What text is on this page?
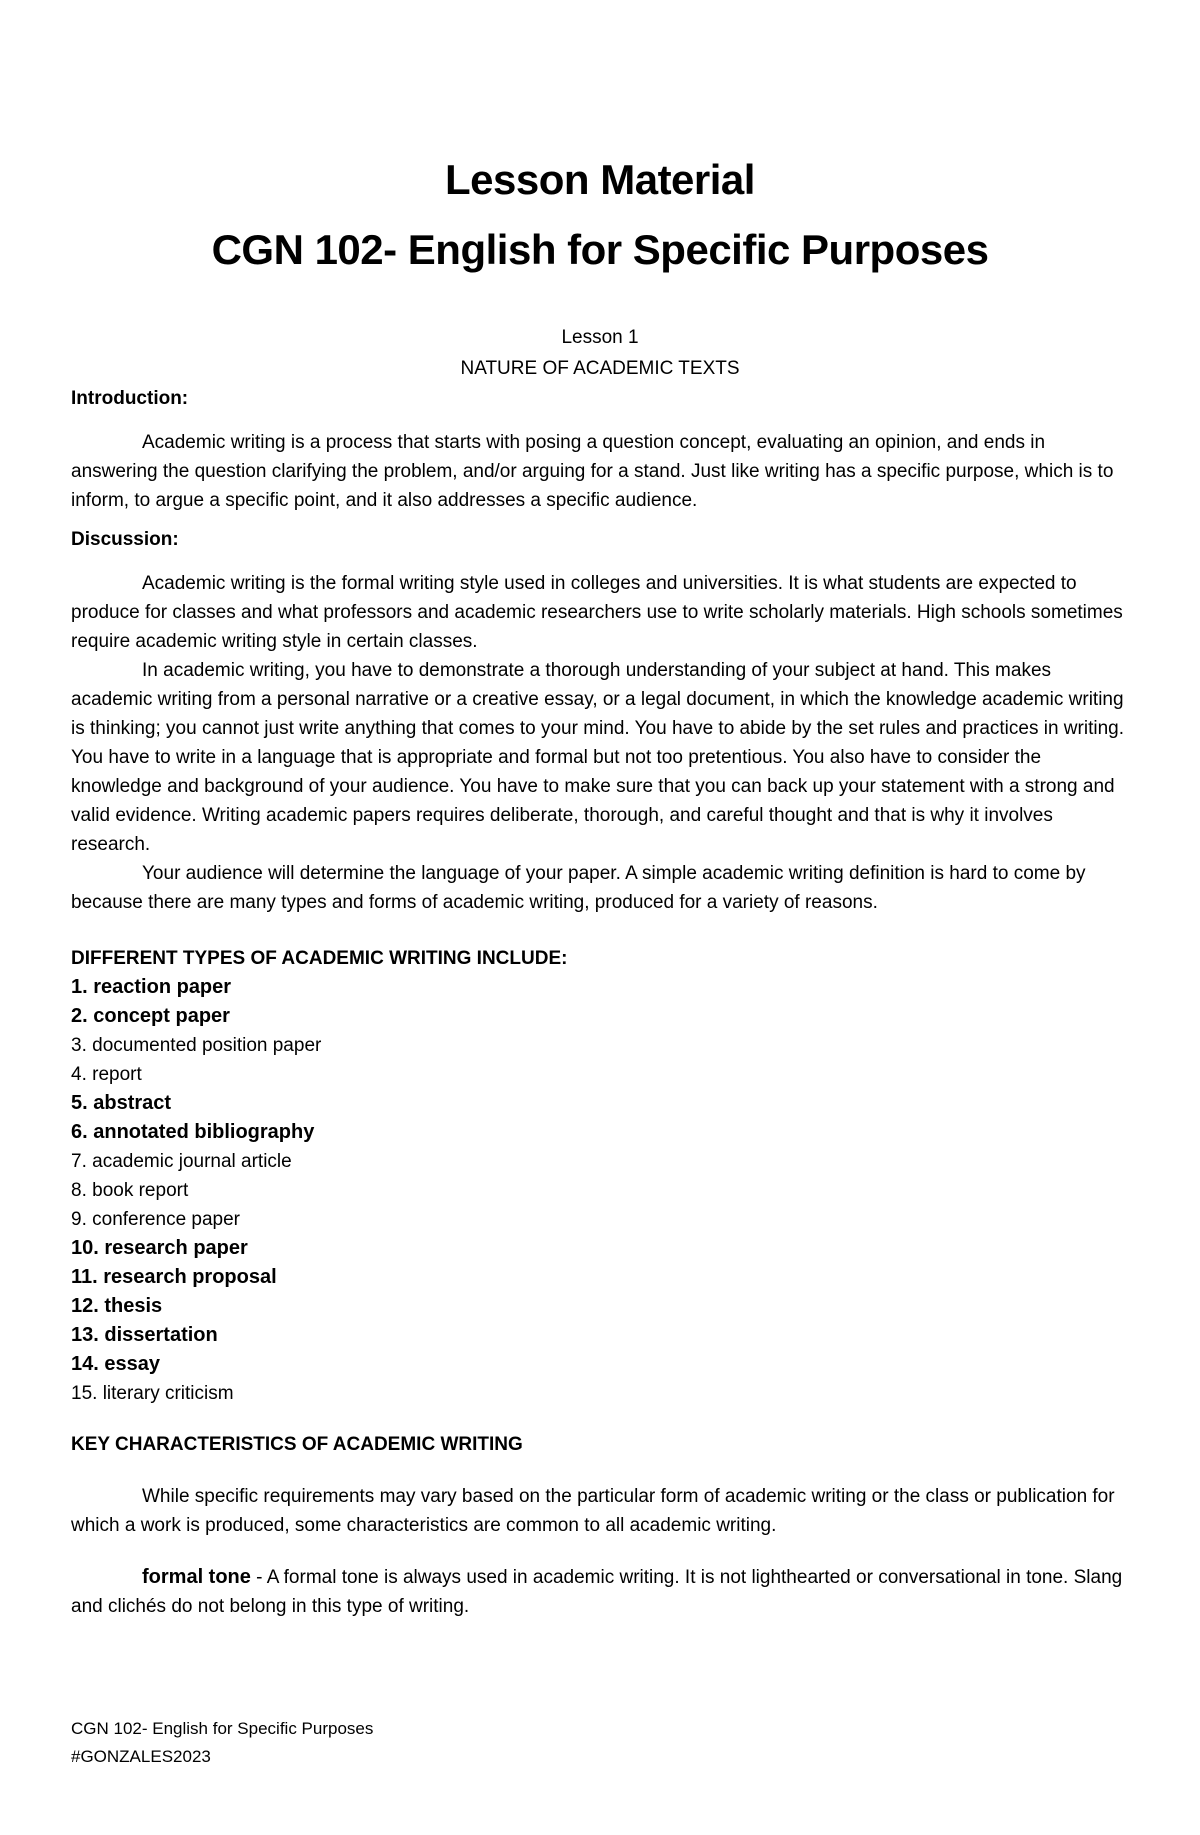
Lesson Material
CGN 102- English for Specific Purposes
Lesson 1
NATURE OF ACADEMIC TEXTS

Introduction:

Academic writing is a process that starts with posing a question concept, evaluating an opinion, and ends in answering the question clarifying the problem, and/or arguing for a stand. Just like writing has a specific purpose, which is to inform, to argue a specific point, and it also addresses a specific audience.

Discussion:

Academic writing is the formal writing style used in colleges and universities. It is what students are expected to produce for classes and what professors and academic researchers use to write scholarly materials. High schools sometimes require academic writing style in certain classes.

In academic writing, you have to demonstrate a thorough understanding of your subject at hand. This makes academic writing from a personal narrative or a creative essay, or a legal document, in which the knowledge academic writing is thinking; you cannot just write anything that comes to your mind. You have to abide by the set rules and practices in writing. You have to write in a language that is appropriate and formal but not too pretentious. You also have to consider the knowledge and background of your audience. You have to make sure that you can back up your statement with a strong and valid evidence. Writing academic papers requires deliberate, thorough, and careful thought and that is why it involves research.

Your audience will determine the language of your paper. A simple academic writing definition is hard to come by because there are many types and forms of academic writing, produced for a variety of reasons.

DIFFERENT TYPES OF ACADEMIC WRITING INCLUDE:

1. reaction paper
2. concept paper
3. documented position paper
4. report
5. abstract
6. annotated bibliography
7. academic journal article
8. book report
9. conference paper
10. research paper
11. research proposal
12. thesis
13. dissertation
14. essay
15. literary criticism

KEY CHARACTERISTICS OF ACADEMIC WRITING

While specific requirements may vary based on the particular form of academic writing or the class or publication for which a work is produced, some characteristics are common to all academic writing.

formal tone - A formal tone is always used in academic writing. It is not lighthearted or conversational in tone. Slang and clichés do not belong in this type of writing.

CGN 102- English for Specific Purposes
#GONZALES2023
